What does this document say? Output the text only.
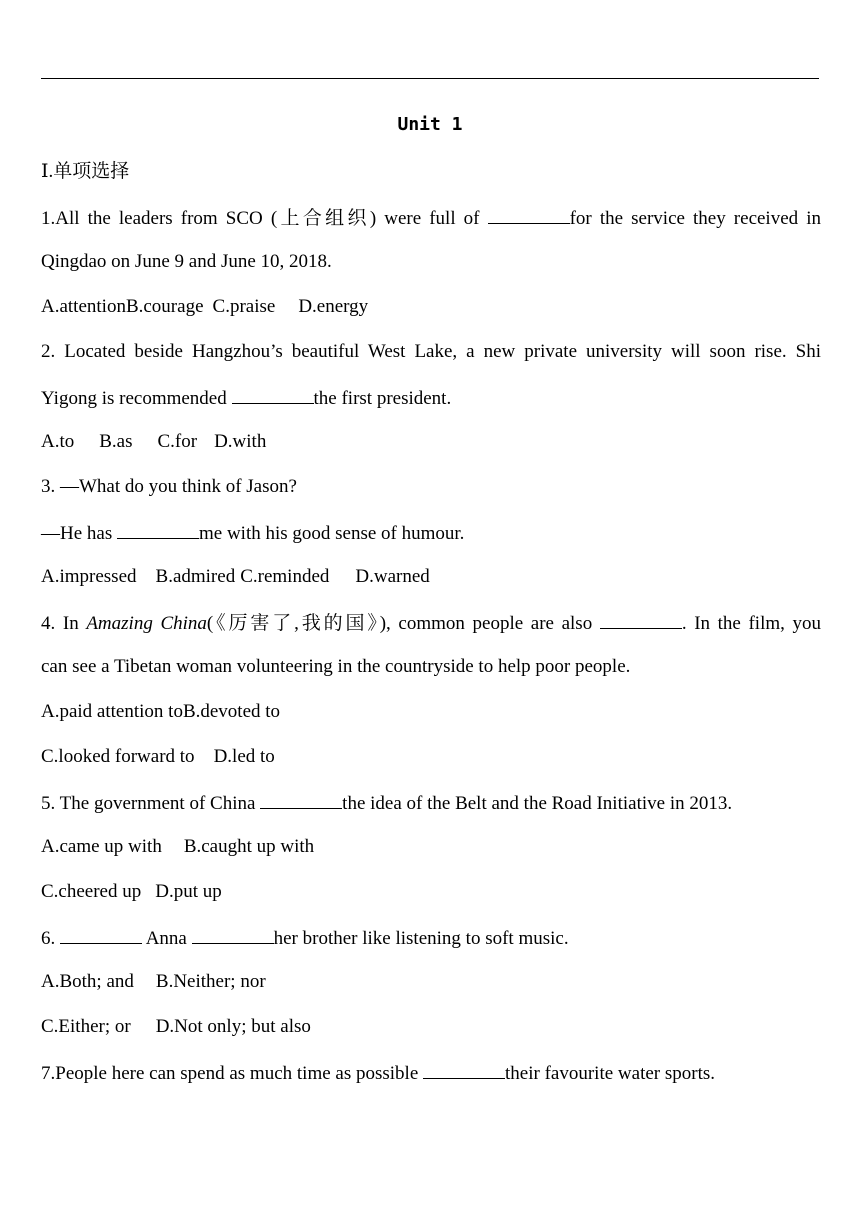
Unit 1
Ⅰ.单项选择
1.All the leaders from SCO (上合组织) were full of	for the service they received in
Qingdao on June 9 and June 10, 2018.
A.attentionB.courage C.praise D.energy
2. Located beside Hangzhou’s beautiful West Lake, a new private university will soon rise. Shi
Yigong is recommended	the first president.
A.to B.as C.for D.with
3. —What do you think of Jason?
—He has	me with his good sense of humour.
A.impressed B.admired C.reminded D.warned
4. In Amazing China(《厉害了,我的国》), common people are also	. In the film, you
can see a Tibetan woman volunteering in the countryside to help poor people.
A.paid attention toB.devoted to
C.looked forward to D.led to
5. The government of China	the idea of the Belt and the Road Initiative in 2013.
A.came up with B.caught up with
C.cheered up D.put up
6.	Anna	her brother like listening to soft music.
A.Both; and B.Neither; nor
C.Either; or D.Not only; but also
7.People here can spend as much time as possible	their favourite water sports.
